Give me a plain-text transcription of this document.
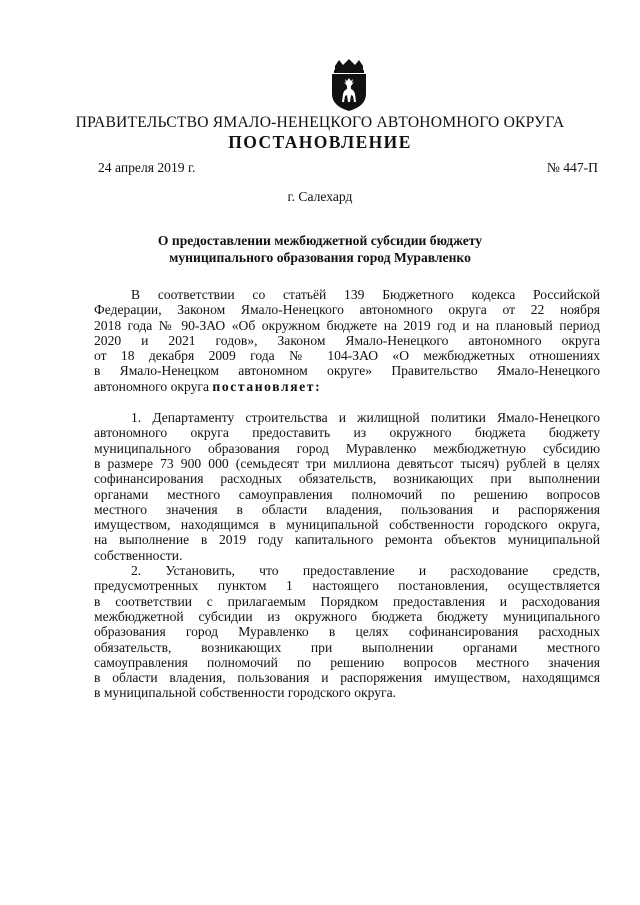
ПРАВИТЕЛЬСТВО ЯМАЛО-НЕНЕЦКОГО АВТОНОМНОГО ОКРУГА
ПОСТАНОВЛЕНИЕ
24 апреля 2019 г.	№ 447-П
г. Салехард
О предоставлении межбюджетной субсидии бюджету
муниципального образования город Муравленко
В соответствии со статьёй 139 Бюджетного кодекса Российской
Федерации, Законом Ямало-Ненецкого автономного округа от 22 ноября
2018 года № 90-ЗАО «Об окружном бюджете на 2019 год и на плановый период
2020 и 2021 годов», Законом Ямало-Ненецкого автономного округа
от 18 декабря 2009 года № 104-ЗАО «О межбюджетных отношениях
в Ямало-Ненецком автономном округе» Правительство Ямало-Ненецкого
автономного округа постановляет:
1. Департаменту строительства и жилищной политики Ямало-Ненецкого
автономного округа предоставить из окружного бюджета бюджету
муниципального образования город Муравленко межбюджетную субсидию
в размере 73 900 000 (семьдесят три миллиона девятьсот тысяч) рублей в целях
софинансирования расходных обязательств, возникающих при выполнении
органами местного самоуправления полномочий по решению вопросов
местного значения в области владения, пользования и распоряжения
имуществом, находящимся в муниципальной собственности городского округа,
на выполнение в 2019 году капитального ремонта объектов муниципальной
собственности.
2. Установить, что предоставление и расходование средств,
предусмотренных пунктом 1 настоящего постановления, осуществляется
в соответствии с прилагаемым Порядком предоставления и расходования
межбюджетной субсидии из окружного бюджета бюджету муниципального
образования город Муравленко в целях софинансирования расходных
обязательств, возникающих при выполнении органами местного
самоуправления полномочий по решению вопросов местного значения
в области владения, пользования и распоряжения имуществом, находящимся
в муниципальной собственности городского округа.
